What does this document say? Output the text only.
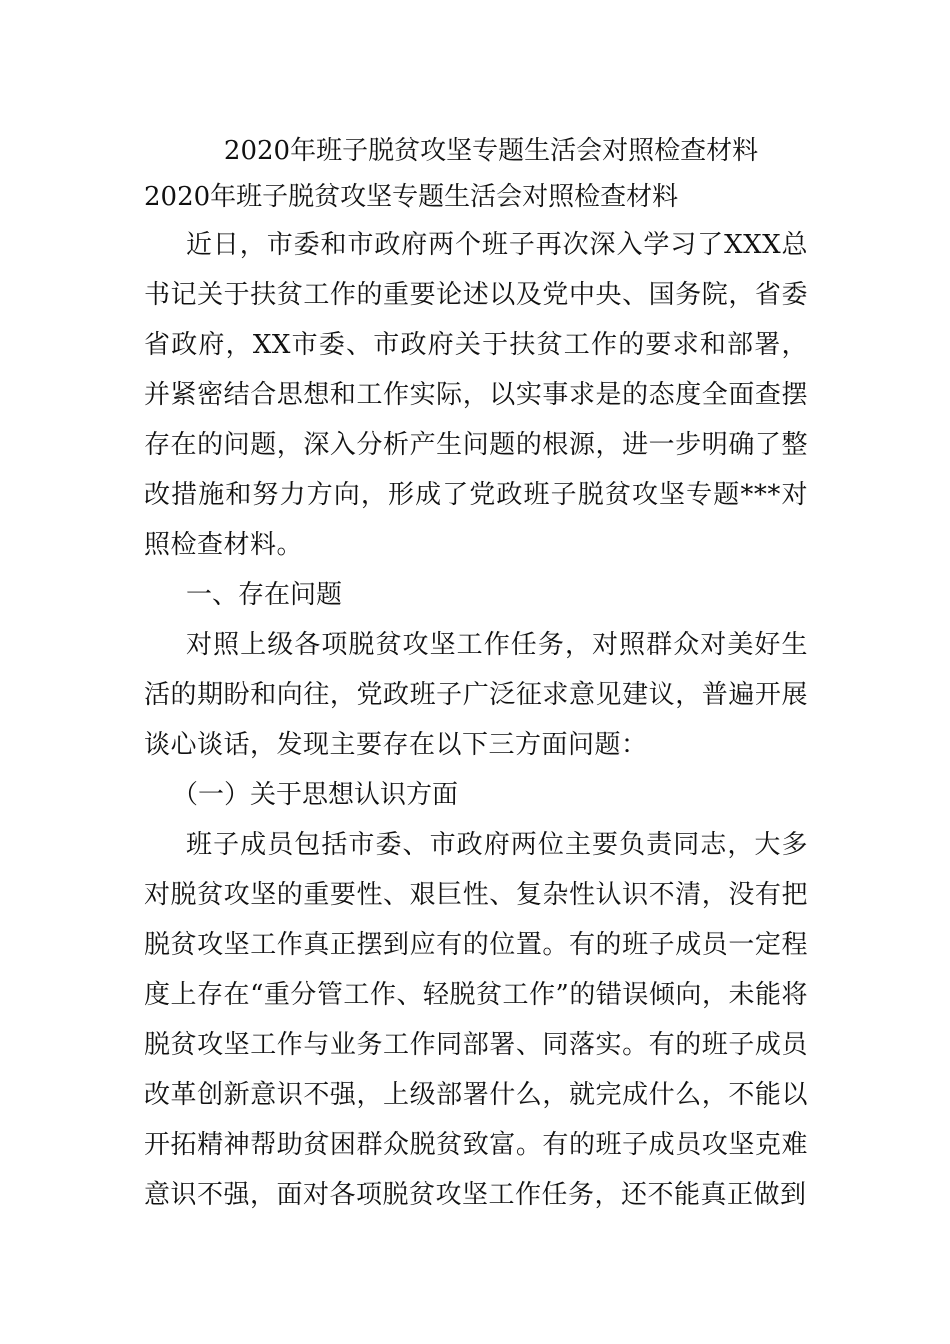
2020年班子脱贫攻坚专题生活会对照检查材料

2020年班子脱贫攻坚专题生活会对照检查材料

近日，市委和市政府两个班子再次深入学习了XXX总书记关于扶贫工作的重要论述以及党中央、国务院，省委省政府，XX市委、市政府关于扶贫工作的要求和部署，并紧密结合思想和工作实际，以实事求是的态度全面查摆存在的问题，深入分析产生问题的根源，进一步明确了整改措施和努力方向，形成了党政班子脱贫攻坚专题***对照检查材料。

一、存在问题

对照上级各项脱贫攻坚工作任务，对照群众对美好生活的期盼和向往，党政班子广泛征求意见建议，普遍开展谈心谈话，发现主要存在以下三方面问题：

（一）关于思想认识方面

班子成员包括市委、市政府两位主要负责同志，大多对脱贫攻坚的重要性、艰巨性、复杂性认识不清，没有把脱贫攻坚工作真正摆到应有的位置。有的班子成员一定程度上存在“重分管工作、轻脱贫工作”的错误倾向，未能将脱贫攻坚工作与业务工作同部署、同落实。有的班子成员改革创新意识不强，上级部署什么，就完成什么，不能以开拓精神帮助贫困群众脱贫致富。有的班子成员攻坚克难意识不强，面对各项脱贫攻坚工作任务，还不能真正做到
